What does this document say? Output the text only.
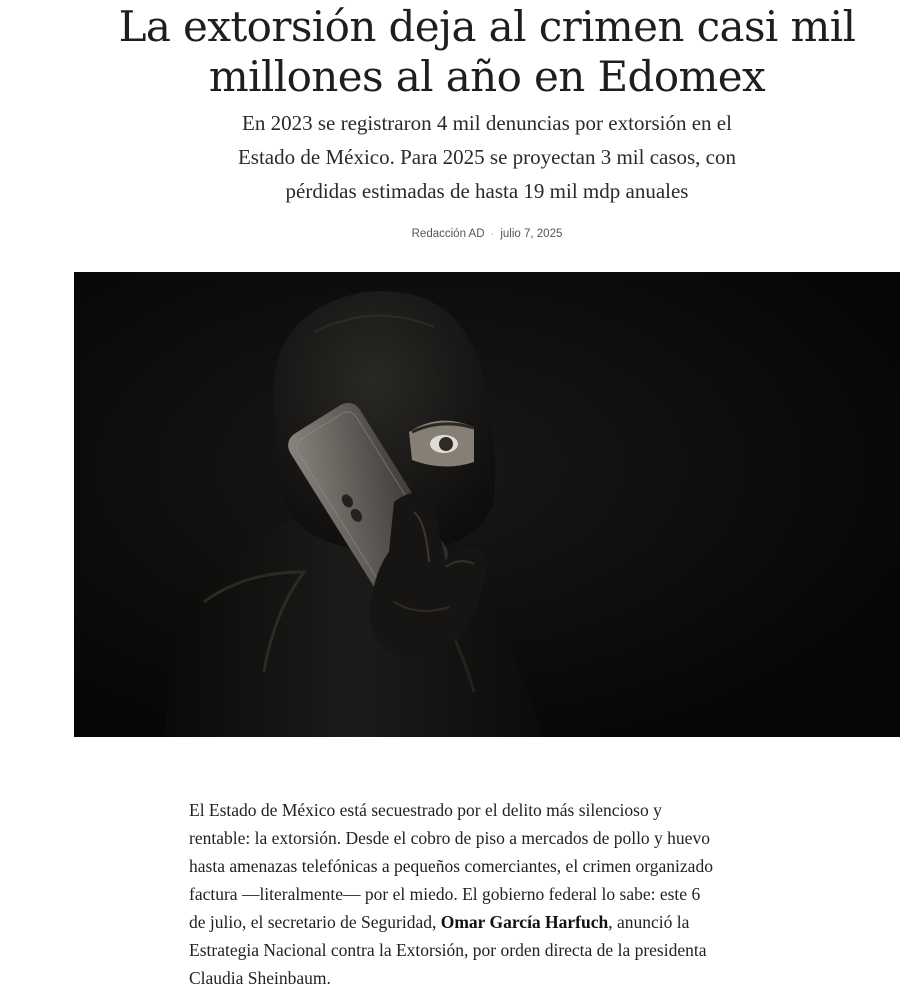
La extorsión deja al crimen casi mil
millones al año en Edomex

En 2023 se registraron 4 mil denuncias por extorsión en el
Estado de México. Para 2025 se proyectan 3 mil casos, con
pérdidas estimadas de hasta 19 mil mdp anuales

Redacción AD · julio 7, 2025

El Estado de México está secuestrado por el delito más silencioso y
rentable: la extorsión. Desde el cobro de piso a mercados de pollo y huevo
hasta amenazas telefónicas a pequeños comerciantes, el crimen organizado
factura —literalmente— por el miedo. El gobierno federal lo sabe: este 6
de julio, el secretario de Seguridad, Omar García Harfuch, anunció la
Estrategia Nacional contra la Extorsión, por orden directa de la presidenta
Claudia Sheinbaum.
